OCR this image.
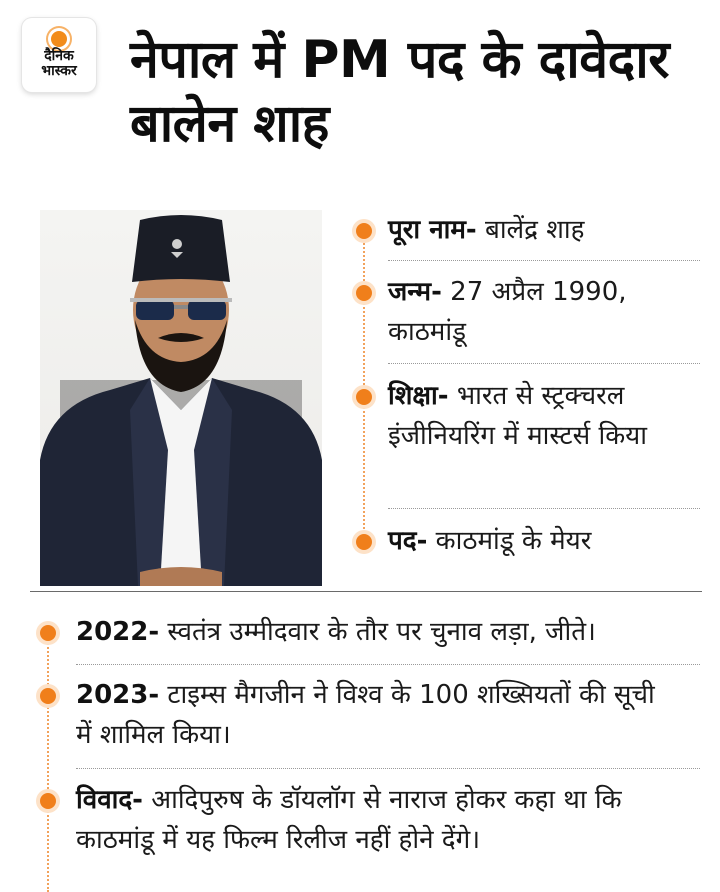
दैनिक
भास्कर नेपाल में PM पद के दावेदार बालेन शाह
पूरा नाम- बालेंद्र शाह
जन्म- 27 अप्रैल 1990, काठमांडू
शिक्षा- भारत से स्ट्रक्चरल इंजीनियरिंग में मास्टर्स किया
पद- काठमांडू के मेयर
2022- स्वतंत्र उम्मीदवार के तौर पर चुनाव लड़ा, जीते।
2023- टाइम्स मैगजीन ने विश्व के 100 शख्सियतों की सूची में शामिल किया।
विवाद- आदिपुरुष के डॉयलॉग से नाराज होकर कहा था कि काठमांडू में यह फिल्म रिलीज नहीं होने देंगे।
